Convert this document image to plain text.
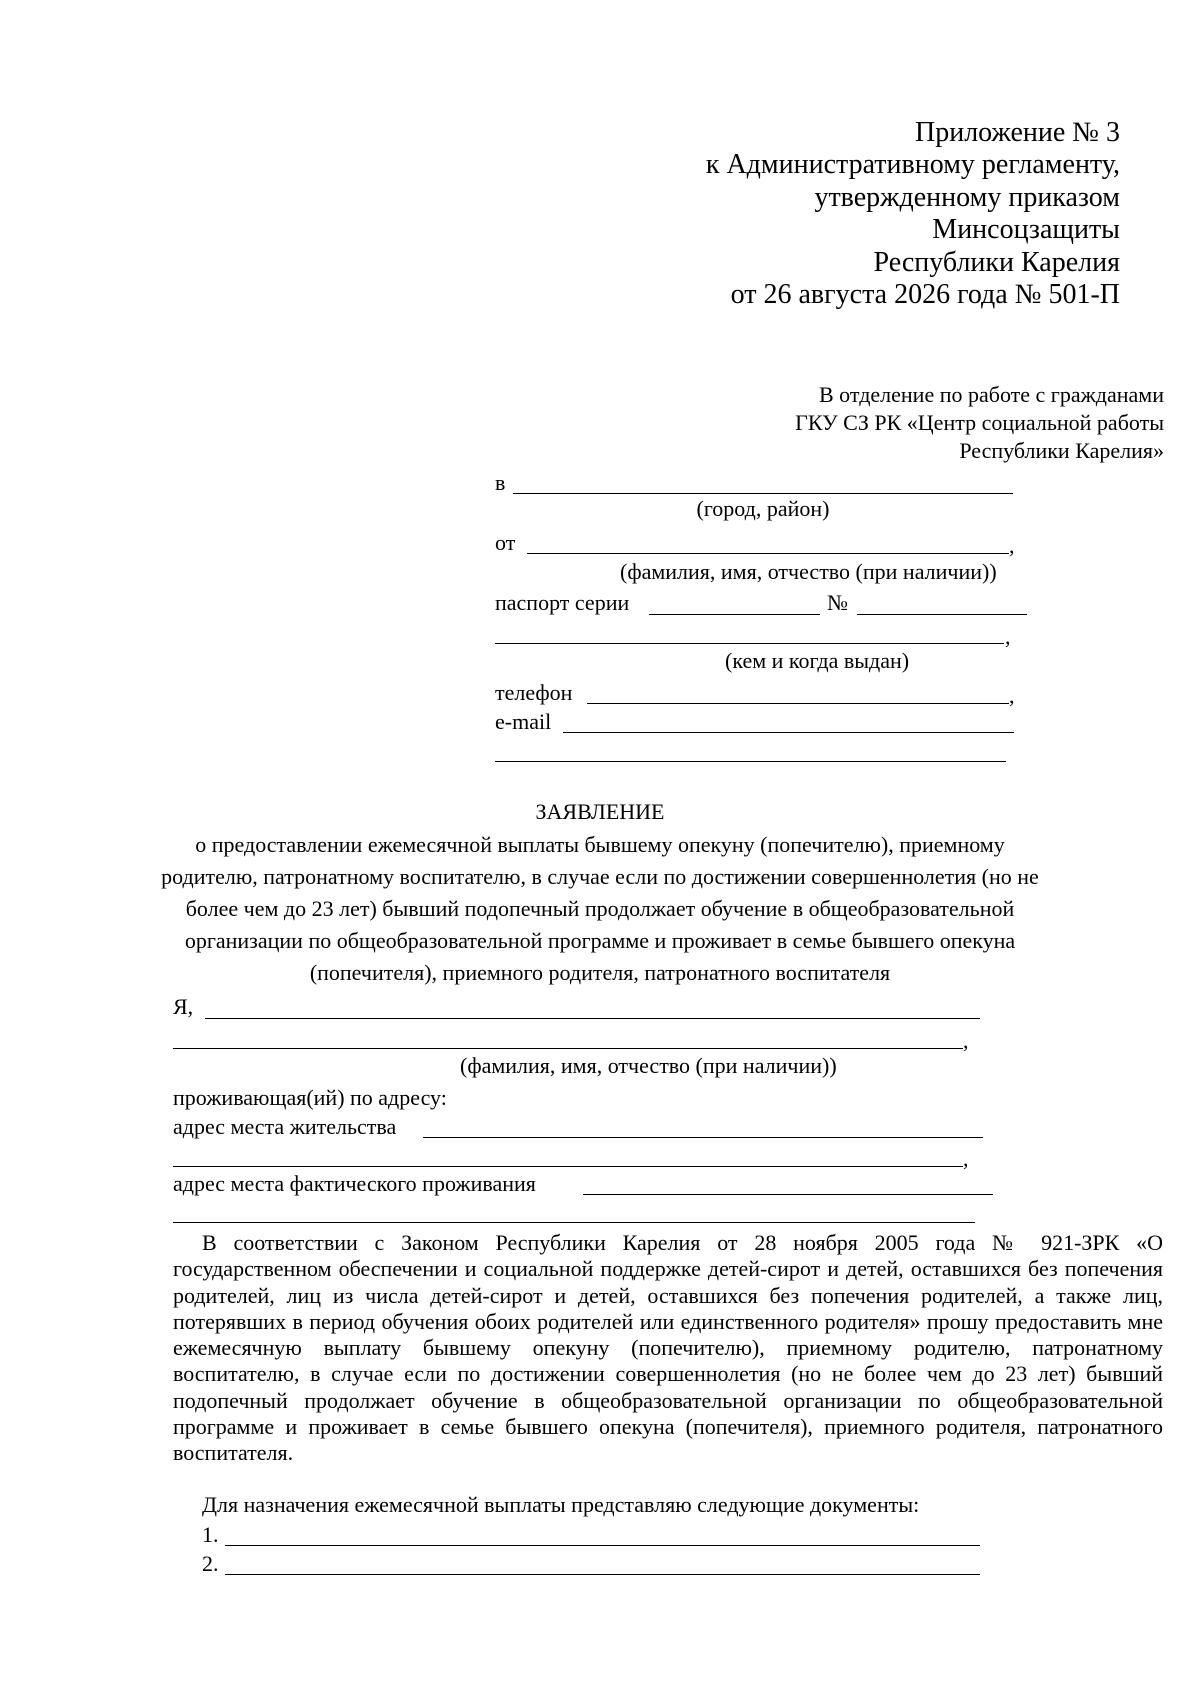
Приложение № 3
к Административному регламенту,
утвержденному приказом
Минсоцзащиты
Республики Карелия
от 26 августа 2026 года № 501-П
В отделение по работе с гражданами
ГКУ СЗ РК «Центр социальной работы
Республики Карелия»
в
(город, район)
от	,
(фамилия, имя, отчество (при наличии))
паспорт серии	№
,
(кем и когда выдан)
телефон	,
e-mail
ЗАЯВЛЕНИЕ
о предоставлении ежемесячной выплаты бывшему опекуну (попечителю), приемному
родителю, патронатному воспитателю, в случае если по достижении совершеннолетия (но не
более чем до 23 лет) бывший подопечный продолжает обучение в общеобразовательной
организации по общеобразовательной программе и проживает в семье бывшего опекуна
(попечителя), приемного родителя, патронатного воспитателя
Я,
,
(фамилия, имя, отчество (при наличии))
проживающая(ий) по адресу:
адрес места жительства
,
адрес места фактического проживания
В соответствии с Законом Республики Карелия от 28 ноября 2005 года № 921-ЗРК «О государственном обеспечении и социальной поддержке детей-сирот и детей, оставшихся без попечения родителей, лиц из числа детей-сирот и детей, оставшихся без попечения родителей, а также лиц, потерявших в период обучения обоих родителей или единственного родителя» прошу предоставить мне ежемесячную выплату бывшему опекуну (попечителю), приемному родителю, патронатному воспитателю, в случае если по достижении совершеннолетия (но не более чем до 23 лет) бывший подопечный продолжает обучение в общеобразовательной организации по общеобразовательной программе и проживает в семье бывшего опекуна (попечителя), приемного родителя, патронатного воспитателя.
Для назначения ежемесячной выплаты представляю следующие документы:
1.
2.
